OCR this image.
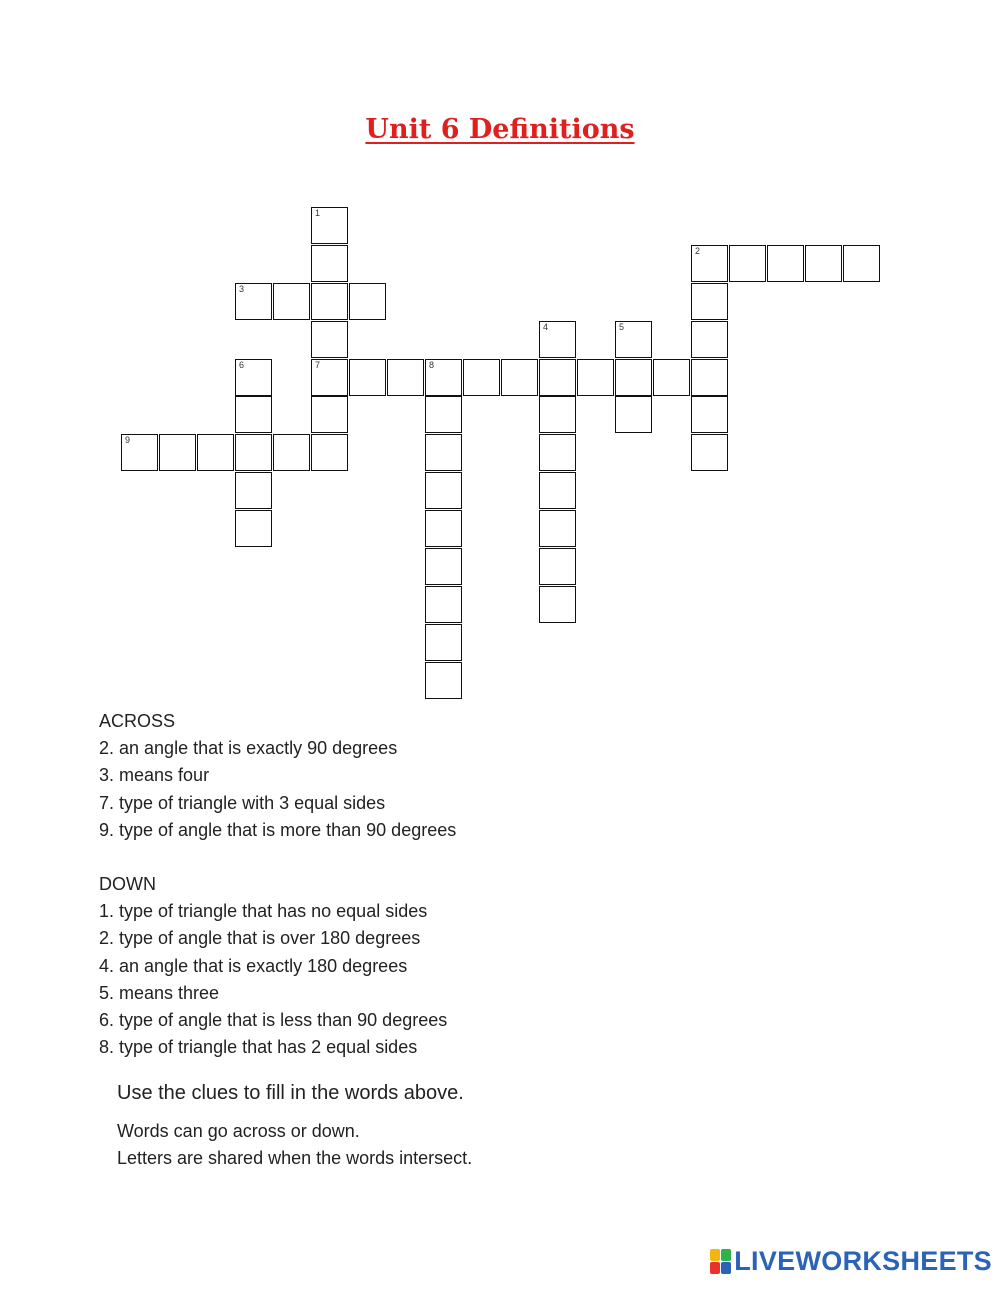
Unit 6 Definitions
1
2
3
4	5
6	7	8
9

ACROSS

2. an angle that is exactly 90 degrees

3. means four

7. type of triangle with 3 equal sides

9. type of angle that is more than 90 degrees

DOWN

1. type of triangle that has no equal sides

2. type of angle that is over 180 degrees

4. an angle that is exactly 180 degrees

5. means three

6. type of angle that is less than 90 degrees

8. type of triangle that has 2 equal sides

Use the clues to fill in the words above.

Words can go across or down.

Letters are shared when the words intersect.

LIVEWORKSHEETS
